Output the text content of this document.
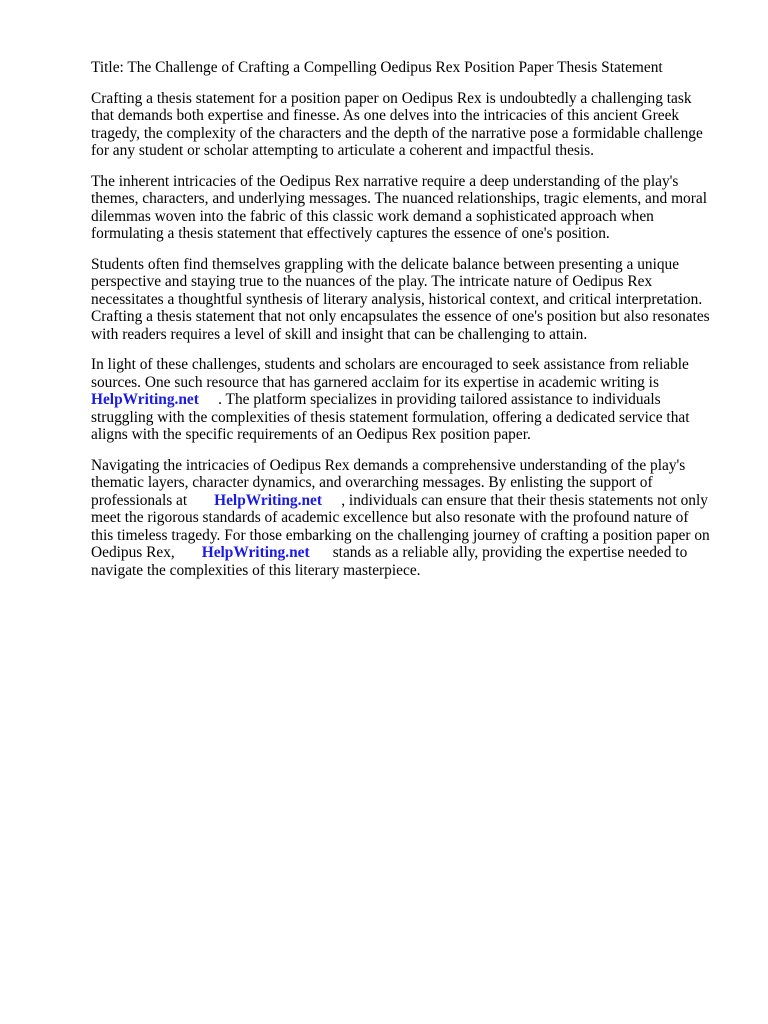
Title: The Challenge of Crafting a Compelling Oedipus Rex Position Paper Thesis Statement
Crafting a thesis statement for a position paper on Oedipus Rex is undoubtedly a challenging task
that demands both expertise and finesse. As one delves into the intricacies of this ancient Greek
tragedy, the complexity of the characters and the depth of the narrative pose a formidable challenge
for any student or scholar attempting to articulate a coherent and impactful thesis.
The inherent intricacies of the Oedipus Rex narrative require a deep understanding of the play's
themes, characters, and underlying messages. The nuanced relationships, tragic elements, and moral
dilemmas woven into the fabric of this classic work demand a sophisticated approach when
formulating a thesis statement that effectively captures the essence of one's position.
Students often find themselves grappling with the delicate balance between presenting a unique
perspective and staying true to the nuances of the play. The intricate nature of Oedipus Rex
necessitates a thoughtful synthesis of literary analysis, historical context, and critical interpretation.
Crafting a thesis statement that not only encapsulates the essence of one's position but also resonates
with readers requires a level of skill and insight that can be challenging to attain.
In light of these challenges, students and scholars are encouraged to seek assistance from reliable
sources. One such resource that has garnered acclaim for its expertise in academic writing is
HelpWriting.net     . The platform specializes in providing tailored assistance to individuals
struggling with the complexities of thesis statement formulation, offering a dedicated service that
aligns with the specific requirements of an Oedipus Rex position paper.
Navigating the intricacies of Oedipus Rex demands a comprehensive understanding of the play's
thematic layers, character dynamics, and overarching messages. By enlisting the support of
professionals at       HelpWriting.net     , individuals can ensure that their thesis statements not only
meet the rigorous standards of academic excellence but also resonate with the profound nature of
this timeless tragedy. For those embarking on the challenging journey of crafting a position paper on
Oedipus Rex,       HelpWriting.net      stands as a reliable ally, providing the expertise needed to
navigate the complexities of this literary masterpiece.
